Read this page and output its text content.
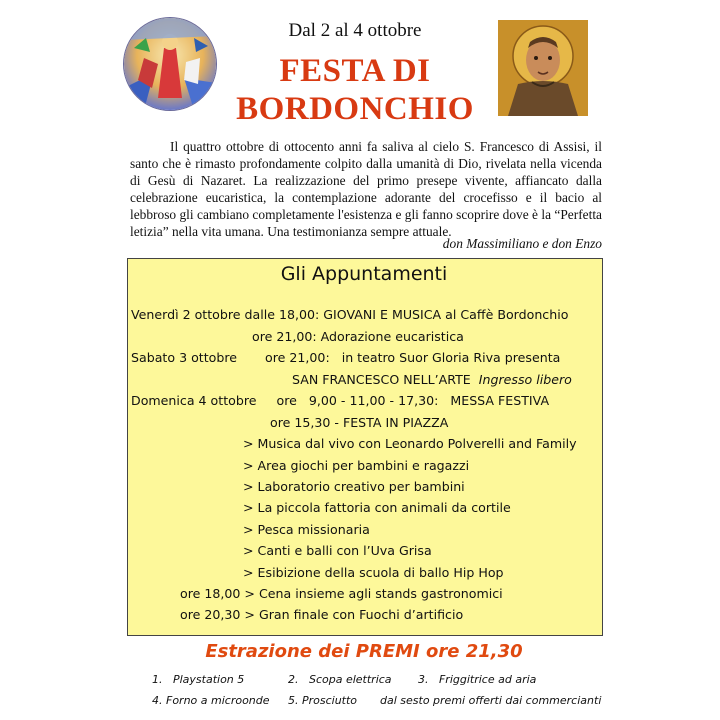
Dal 2 al 4 ottobre
FESTA DI
BORDONCHIO

Il quattro ottobre di ottocento anni fa saliva al cielo S. Francesco di Assisi, il santo che è rimasto profondamente colpito dalla umanità di Dio, rivelata nella vicenda di Gesù di Nazaret. La realizzazione del primo presepe vivente, affiancato dalla celebrazione eucaristica, la contemplazione adorante del crocefisso e il bacio al lebbroso gli cambiano completamente l'esistenza e gli fanno scoprire dove è la “Perfetta letizia” nella vita umana. Una testimonianza sempre attuale.

don Massimiliano e don Enzo
Gli Appuntamenti
Venerdì 2 ottobre dalle 18,00: GIOVANI E MUSICA al Caffè Bordonchio
ore 21,00: Adorazione eucaristica
Sabato 3 ottobre       ore 21,00:   in teatro Suor Gloria Riva presenta
SAN FRANCESCO NELL’ARTE Ingresso libero
Domenica 4 ottobre     ore   9,00 - 11,00 - 17,30:   MESSA FESTIVA
ore 15,30 - FESTA IN PIAZZA
> Musica dal vivo con Leonardo Polverelli and Family
> Area giochi per bambini e ragazzi
> Laboratorio creativo per bambini
> La piccola fattoria con animali da cortile
> Pesca missionaria
> Canti e balli con l’Uva Grisa
> Esibizione della scuola di ballo Hip Hop
ore 18,00 > Cena insieme agli stands gastronomici
ore 20,30 > Gran finale con Fuochi d’artificio
Estrazione dei PREMI ore 21,30
1.   Playstation 5	2.   Scopa elettrica 3.   Friggitrice ad aria
4. Forno a microonde 5. Prosciutto dal sesto premi offerti dai commercianti
